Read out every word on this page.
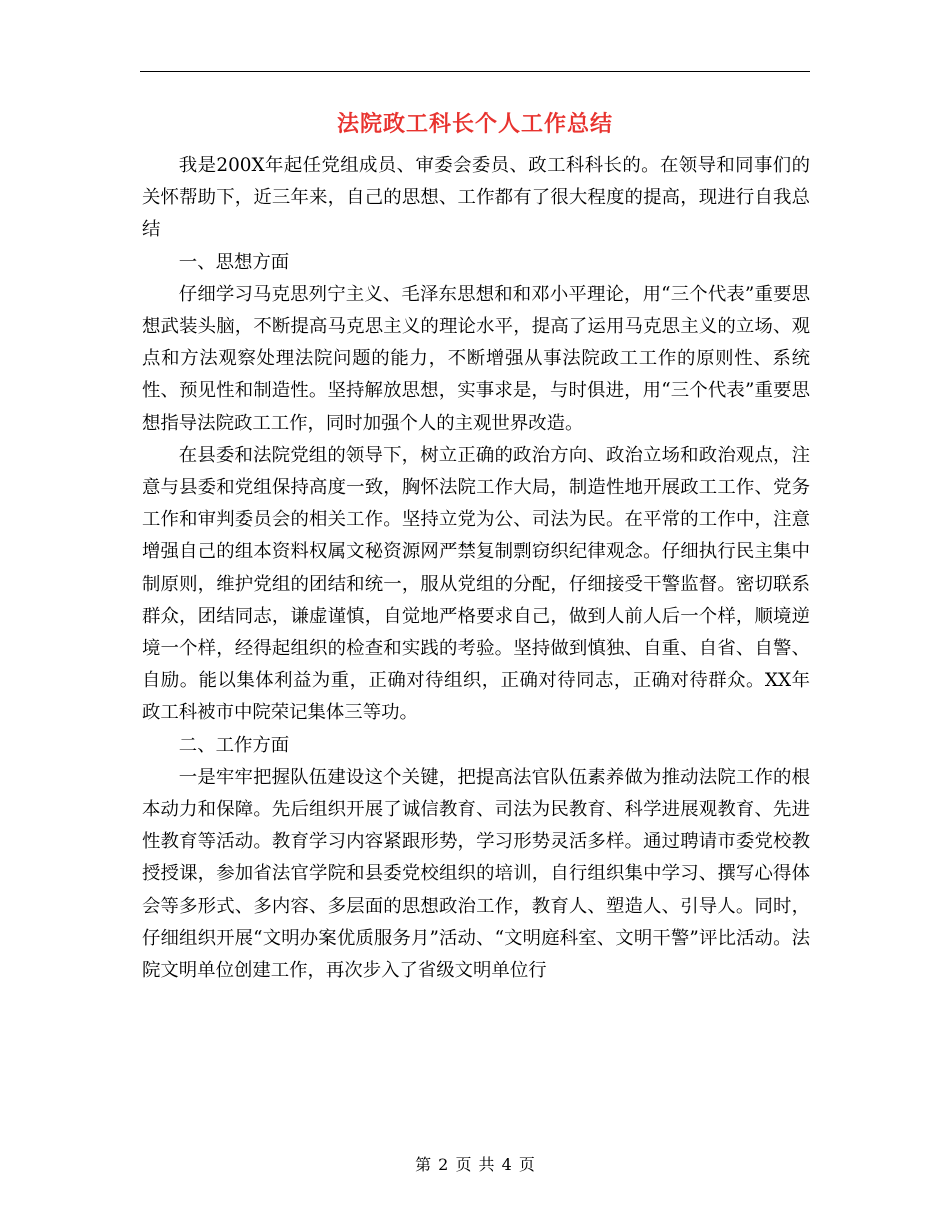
法院政工科长个人工作总结

我是200X年起任党组成员、审委会委员、政工科科长的。在领导和同事们的关怀帮助下，近三年来，自己的思想、工作都有了很大程度的提高，现进行自我总结

一、思想方面

仔细学习马克思列宁主义、毛泽东思想和和邓小平理论，用“三个代表”重要思想武装头脑，不断提高马克思主义的理论水平，提高了运用马克思主义的立场、观点和方法观察处理法院问题的能力，不断增强从事法院政工工作的原则性、系统性、预见性和制造性。坚持解放思想，实事求是，与时俱进，用“三个代表”重要思想指导法院政工工作，同时加强个人的主观世界改造。

在县委和法院党组的领导下，树立正确的政治方向、政治立场和政治观点，注意与县委和党组保持高度一致，胸怀法院工作大局，制造性地开展政工工作、党务工作和审判委员会的相关工作。坚持立党为公、司法为民。在平常的工作中，注意增强自己的组本资料权属文秘资源网严禁复制剽窃织纪律观念。仔细执行民主集中制原则，维护党组的团结和统一，服从党组的分配，仔细接受干警监督。密切联系群众，团结同志，谦虚谨慎，自觉地严格要求自己，做到人前人后一个样，顺境逆境一个样，经得起组织的检查和实践的考验。坚持做到慎独、自重、自省、自警、自励。能以集体利益为重，正确对待组织，正确对待同志，正确对待群众。XX年政工科被市中院荣记集体三等功。

二、工作方面

一是牢牢把握队伍建设这个关键，把提高法官队伍素养做为推动法院工作的根本动力和保障。先后组织开展了诚信教育、司法为民教育、科学进展观教育、先进性教育等活动。教育学习内容紧跟形势，学习形势灵活多样。通过聘请市委党校教授授课，参加省法官学院和县委党校组织的培训，自行组织集中学习、撰写心得体会等多形式、多内容、多层面的思想政治工作，教育人、塑造人、引导人。同时，仔细组织开展“文明办案优质服务月”活动、“文明庭科室、文明干警”评比活动。法院文明单位创建工作，再次步入了省级文明单位行

第 2 页 共 4 页
